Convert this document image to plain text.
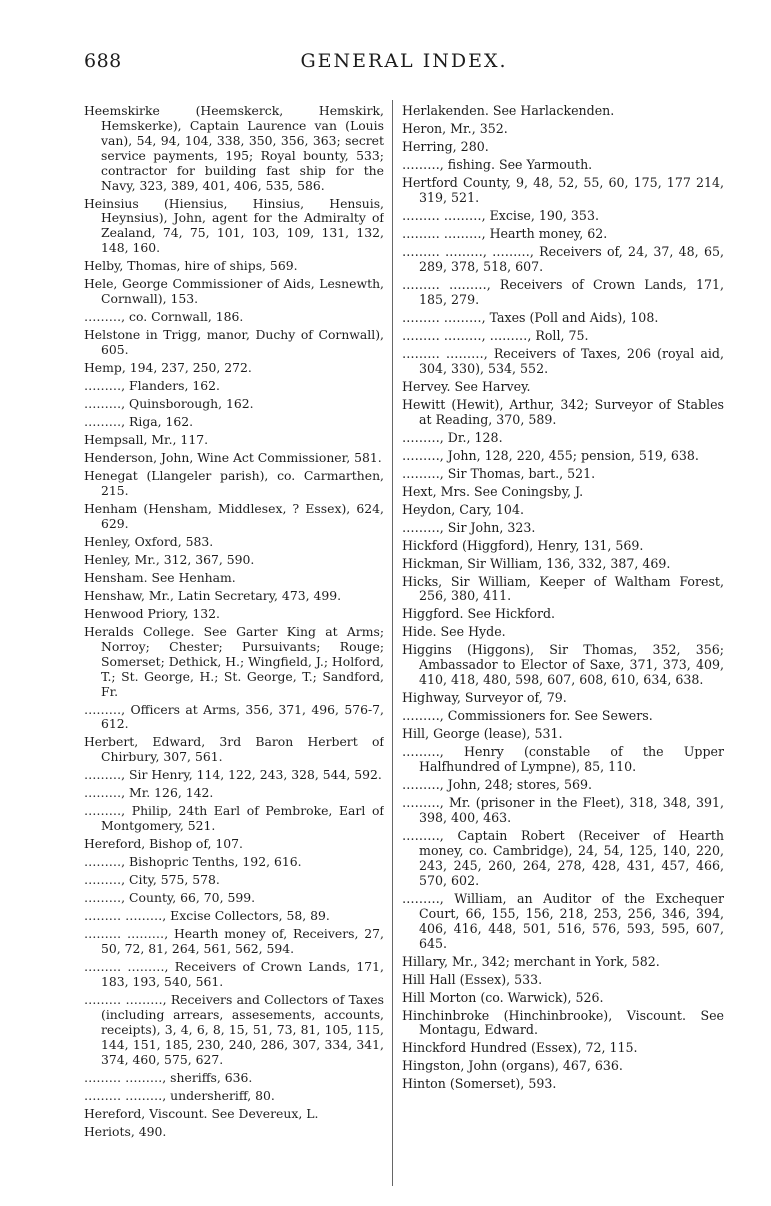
688	GENERAL INDEX.

Heemskirke (Heemskerck, Hemskirk, Hemskerke), Captain Laurence van (Louis van), 54, 94, 104, 338, 350, 356, 363; secret service payments, 195; Royal bounty, 533; contractor for building fast ship for the Navy, 323, 389, 401, 406, 535, 586.

Heinsius (Hiensius, Hinsius, Hensuis, Heynsius), John, agent for the Admiralty of Zealand, 74, 75, 101, 103, 109, 131, 132, 148, 160.

Helby, Thomas, hire of ships, 569.

Hele, George Commissioner of Aids, Lesnewth, Cornwall), 153.

………, co. Cornwall, 186.

Helstone in Trigg, manor, Duchy of Cornwall), 605.

Hemp, 194, 237, 250, 272.

………, Flanders, 162.

………, Quinsborough, 162.

………, Riga, 162.

Hempsall, Mr., 117.

Henderson, John, Wine Act Commissioner, 581.

Henegat (Llangeler parish), co. Carmarthen, 215.

Henham (Hensham, Middlesex, ? Essex), 624, 629.

Henley, Oxford, 583.

Henley, Mr., 312, 367, 590.

Hensham. See Henham.

Henshaw, Mr., Latin Secretary, 473, 499.

Henwood Priory, 132.

Heralds College. See Garter King at Arms; Norroy; Chester; Pursuivants; Rouge; Somerset; Dethick, H.; Wingfield, J.; Holford, T.; St. George, H.; St. George, T.; Sandford, Fr.

………, Officers at Arms, 356, 371, 496, 576-7, 612.

Herbert, Edward, 3rd Baron Herbert of Chirbury, 307, 561.

………, Sir Henry, 114, 122, 243, 328, 544, 592.

………, Mr. 126, 142.

………, Philip, 24th Earl of Pembroke, Earl of Montgomery, 521.

Hereford, Bishop of, 107.

………, Bishopric Tenths, 192, 616.

………, City, 575, 578.

………, County, 66, 70, 599.

……… ………, Excise Collectors, 58, 89.

……… ………, Hearth money of, Receivers, 27, 50, 72, 81, 264, 561, 562, 594.

……… ………, Receivers of Crown Lands, 171, 183, 193, 540, 561.

……… ………, Receivers and Collectors of Taxes (including arrears, assesements, accounts, receipts), 3, 4, 6, 8, 15, 51, 73, 81, 105, 115, 144, 151, 185, 230, 240, 286, 307, 334, 341, 374, 460, 575, 627.

……… ………, sheriffs, 636.

……… ………, undersheriff, 80.

Hereford, Viscount. See Devereux, L.

Heriots, 490.

Herlakenden. See Harlackenden.

Heron, Mr., 352.

Herring, 280.

………, fishing. See Yarmouth.

Hertford County, 9, 48, 52, 55, 60, 175, 177 214, 319, 521.

……… ………, Excise, 190, 353.

……… ………, Hearth money, 62.

……… ………, ………, Receivers of, 24, 37, 48, 65, 289, 378, 518, 607.

……… ………, Receivers of Crown Lands, 171, 185, 279.

……… ………, Taxes (Poll and Aids), 108.

……… ………, ………, Roll, 75.

……… ………, Receivers of Taxes, 206 (royal aid, 304, 330), 534, 552.

Hervey. See Harvey.

Hewitt (Hewit), Arthur, 342; Surveyor of Stables at Reading, 370, 589.

………, Dr., 128.

………, John, 128, 220, 455; pension, 519, 638.

………, Sir Thomas, bart., 521.

Hext, Mrs. See Coningsby, J.

Heydon, Cary, 104.

………, Sir John, 323.

Hickford (Higgford), Henry, 131, 569.

Hickman, Sir William, 136, 332, 387, 469.

Hicks, Sir William, Keeper of Waltham Forest, 256, 380, 411.

Higgford. See Hickford.

Hide. See Hyde.

Higgins (Higgons), Sir Thomas, 352, 356; Ambassador to Elector of Saxe, 371, 373, 409, 410, 418, 480, 598, 607, 608, 610, 634, 638.

Highway, Surveyor of, 79.

………, Commissioners for. See Sewers.

Hill, George (lease), 531.

………, Henry (constable of the Upper Halfhundred of Lympne), 85, 110.

………, John, 248; stores, 569.

………, Mr. (prisoner in the Fleet), 318, 348, 391, 398, 400, 463.

………, Captain Robert (Receiver of Hearth money, co. Cambridge), 24, 54, 125, 140, 220, 243, 245, 260, 264, 278, 428, 431, 457, 466, 570, 602.

………, William, an Auditor of the Exchequer Court, 66, 155, 156, 218, 253, 256, 346, 394, 406, 416, 448, 501, 516, 576, 593, 595, 607, 645.

Hillary, Mr., 342; merchant in York, 582.

Hill Hall (Essex), 533.

Hill Morton (co. Warwick), 526.

Hinchinbroke (Hinchinbrooke), Viscount. See Montagu, Edward.

Hinckford Hundred (Essex), 72, 115.

Hingston, John (organs), 467, 636.

Hinton (Somerset), 593.
